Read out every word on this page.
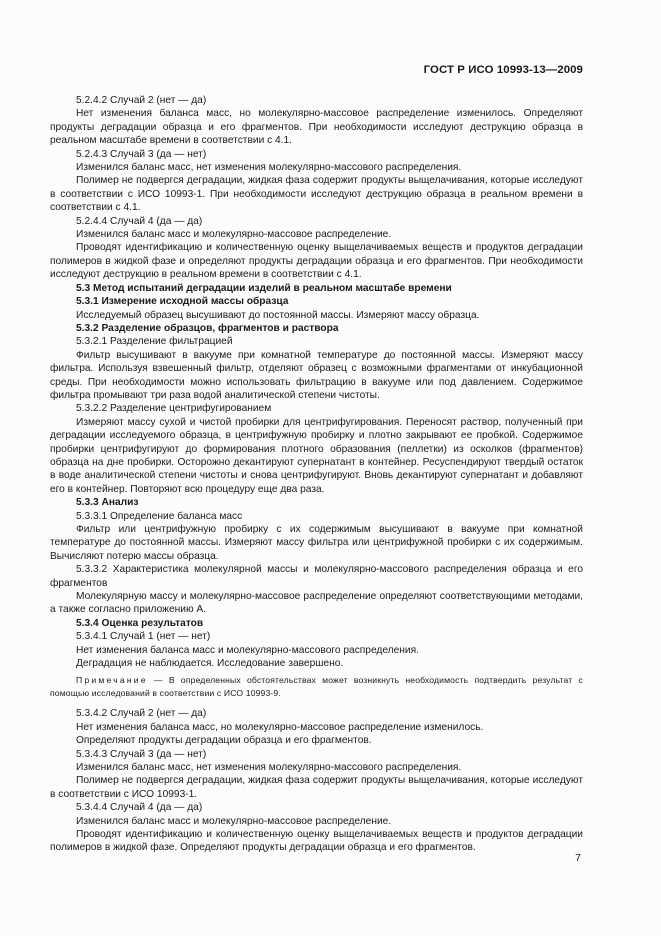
ГОСТ Р ИСО 10993-13—2009

5.2.4.2 Случай 2 (нет — да)

Нет изменения баланса масс, но молекулярно-массовое распределение изменилось. Определяют продукты деградации образца и его фрагментов. При необходимости исследуют деструкцию образца в реальном масштабе времени в соответствии с 4.1.

5.2.4.3 Случай 3 (да — нет)

Изменился баланс масс, нет изменения молекулярно-массового распределения.

Полимер не подвергся деградации, жидкая фаза содержит продукты выщелачивания, которые исследуют в соответствии с ИСО 10993-1. При необходимости исследуют деструкцию образца в реальном времени в соответствии с 4.1.

5.2.4.4 Случай 4 (да — да)

Изменился баланс масс и молекулярно-массовое распределение.

Проводят идентификацию и количественную оценку выщелачиваемых веществ и продуктов деградации полимеров в жидкой фазе и определяют продукты деградации образца и его фрагментов. При необходимости исследуют деструкцию в реальном времени в соответствии с 4.1.

5.3 Метод испытаний деградации изделий в реальном масштабе времени

5.3.1 Измерение исходной массы образца

Исследуемый образец высушивают до постоянной массы. Измеряют массу образца.

5.3.2 Разделение образцов, фрагментов и раствора

5.3.2.1 Разделение фильтрацией

Фильтр высушивают в вакууме при комнатной температуре до постоянной массы. Измеряют массу фильтра. Используя взвешенный фильтр, отделяют образец с возможными фрагментами от инкубационной среды. При необходимости можно использовать фильтрацию в вакууме или под давлением. Содержимое фильтра промывают три раза водой аналитической степени чистоты.

5.3.2.2 Разделение центрифугированием

Измеряют массу сухой и чистой пробирки для центрифугирования. Переносят раствор, полученный при деградации исследуемого образца, в центрифужную пробирку и плотно закрывают ее пробкой. Содержимое пробирки центрифугируют до формирования плотного образования (пеллетки) из осколков (фрагментов) образца на дне пробирки. Осторожно декантируют супернатант в контейнер. Ресуспендируют твердый остаток в воде аналитической степени чистоты и снова центрифугируют. Вновь декантируют супернатант и добавляют его в контейнер. Повторяют всю процедуру еще два раза.

5.3.3 Анализ

5.3.3.1 Определение баланса масс

Фильтр или центрифужную пробирку с их содержимым высушивают в вакууме при комнатной температуре до постоянной массы. Измеряют массу фильтра или центрифужной пробирки с их содержимым. Вычисляют потерю массы образца.

5.3.3.2 Характеристика молекулярной массы и молекулярно-массового распределения образца и его фрагментов

Молекулярную массу и молекулярно-массовое распределение определяют соответствующими методами, а также согласно приложению А.

5.3.4 Оценка результатов

5.3.4.1 Случай 1 (нет — нет)

Нет изменения баланса масс и молекулярно-массового распределения.

Деградация не наблюдается. Исследование завершено.

Примечание — В определенных обстоятельствах может возникнуть необходимость подтвердить результат с помощью исследований в соответствии с ИСО 10993-9.

5.3.4.2 Случай 2 (нет — да)

Нет изменения баланса масс, но молекулярно-массовое распределение изменилось.

Определяют продукты деградации образца и его фрагментов.

5.3.4.3 Случай 3 (да — нет)

Изменился баланс масс, нет изменения молекулярно-массового распределения.

Полимер не подвергся деградации, жидкая фаза содержит продукты выщелачивания, которые исследуют в соответствии с ИСО 10993-1.

5.3.4.4 Случай 4 (да — да)

Изменился баланс масс и молекулярно-массовое распределение.

Проводят идентификацию и количественную оценку выщелачиваемых веществ и продуктов деградации полимеров в жидкой фазе. Определяют продукты деградации образца и его фрагментов.

7
